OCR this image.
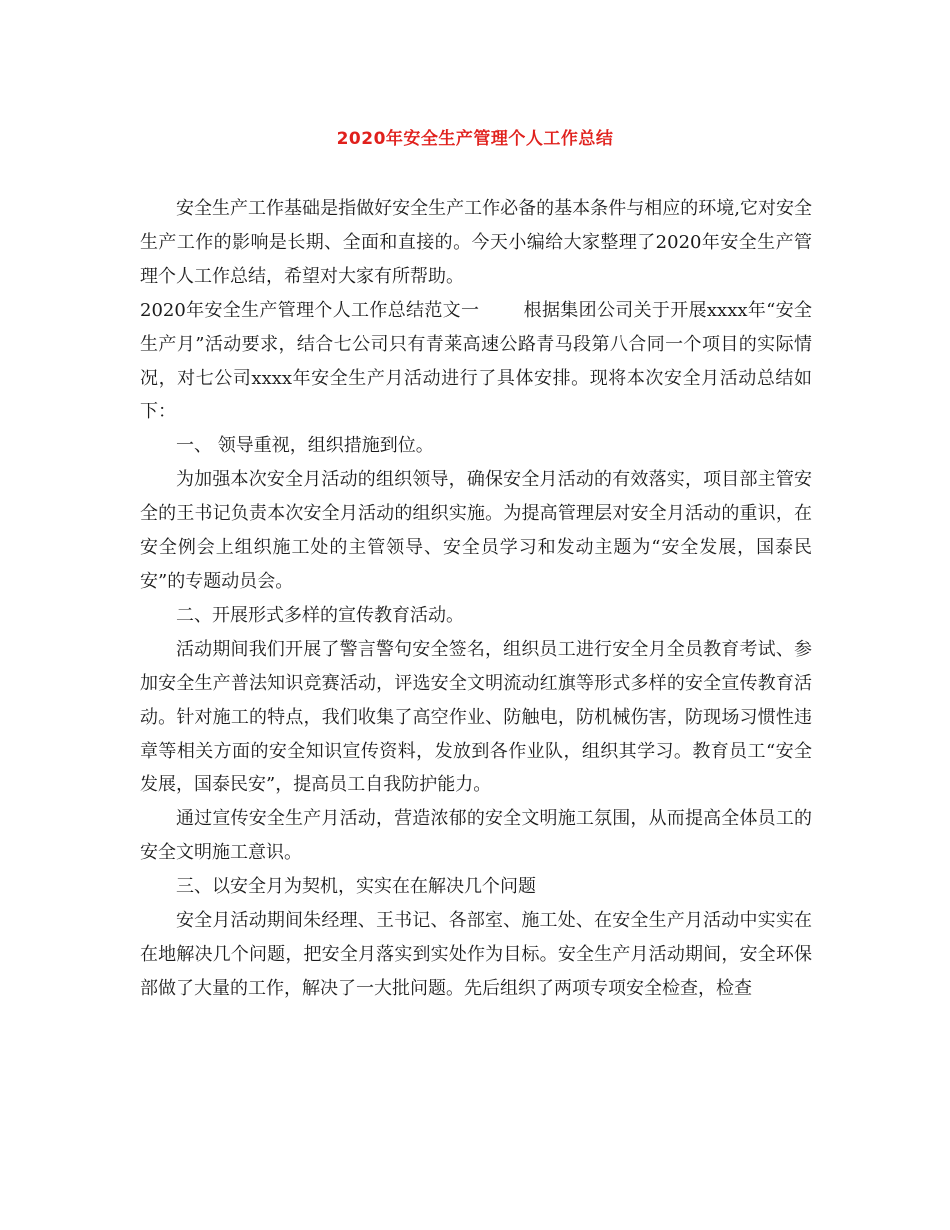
2020年安全生产管理个人工作总结

安全生产工作基础是指做好安全生产工作必备的基本条件与相应的环境,它对安全生产工作的影响是长期、全面和直接的。今天小编给大家整理了2020年安全生产管理个人工作总结，希望对大家有所帮助。

2020年安全生产管理个人工作总结范文一 根据集团公司关于开展xxxx年“安全生产月”活动要求，结合七公司只有青莱高速公路青马段第八合同一个项目的实际情况，对七公司xxxx年安全生产月活动进行了具体安排。现将本次安全月活动总结如下：

一、 领导重视，组织措施到位。

为加强本次安全月活动的组织领导，确保安全月活动的有效落实，项目部主管安全的王书记负责本次安全月活动的组织实施。为提高管理层对安全月活动的重识，在安全例会上组织施工处的主管领导、安全员学习和发动主题为“安全发展，国泰民安”的专题动员会。

二、开展形式多样的宣传教育活动。

活动期间我们开展了警言警句安全签名，组织员工进行安全月全员教育考试、参加安全生产普法知识竞赛活动，评选安全文明流动红旗等形式多样的安全宣传教育活动。针对施工的特点，我们收集了高空作业、防触电，防机械伤害，防现场习惯性违章等相关方面的安全知识宣传资料，发放到各作业队，组织其学习。教育员工“安全发展，国泰民安”，提高员工自我防护能力。

通过宣传安全生产月活动，营造浓郁的安全文明施工氛围，从而提高全体员工的安全文明施工意识。

三、以安全月为契机，实实在在解决几个问题

安全月活动期间朱经理、王书记、各部室、施工处、在安全生产月活动中实实在在地解决几个问题，把安全月落实到实处作为目标。安全生产月活动期间，安全环保部做了大量的工作，解决了一大批问题。先后组织了两项专项安全检查，检查
